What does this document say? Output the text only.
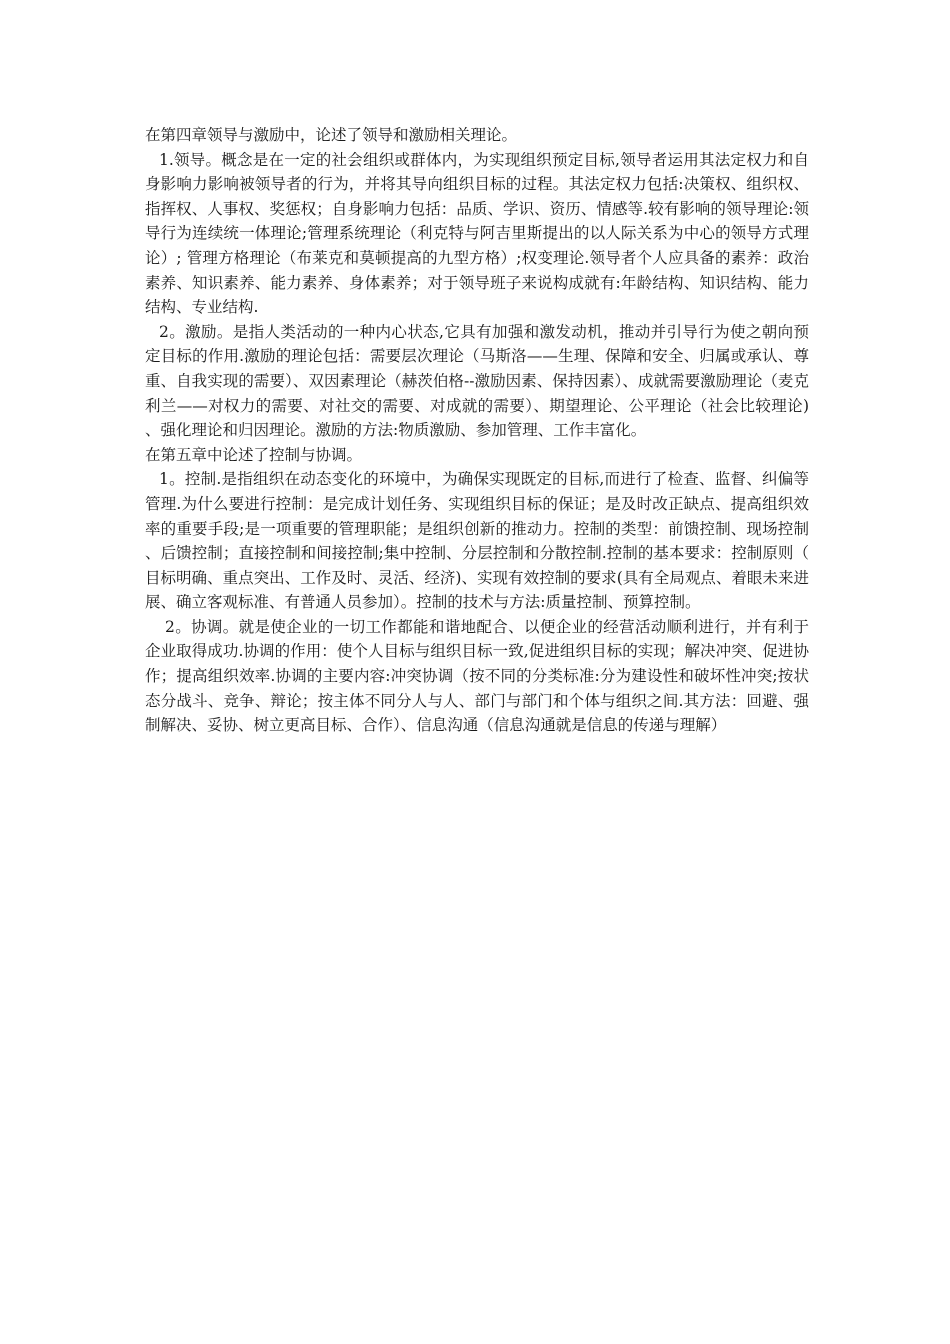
在第四章领导与激励中，论述了领导和激励相关理论。

1.领导。概念是在一定的社会组织或群体内，为实现组织预定目标,领导者运用其法定权力和自身影响力影响被领导者的行为，并将其导向组织目标的过程。其法定权力包括:决策权、组织权、指挥权、人事权、奖惩权；自身影响力包括：品质、学识、资历、情感等.较有影响的领导理论:领导行为连续统一体理论;管理系统理论（利克特与阿吉里斯提出的以人际关系为中心的领导方式理论）; 管理方格理论（布莱克和莫顿提高的九型方格）;权变理论.领导者个人应具备的素养：政治素养、知识素养、能力素养、身体素养；对于领导班子来说构成就有:年龄结构、知识结构、能力结构、专业结构.

2。激励。是指人类活动的一种内心状态,它具有加强和激发动机，推动并引导行为使之朝向预定目标的作用.激励的理论包括：需要层次理论（马斯洛——生理、保障和安全、归属或承认、尊重、自我实现的需要）、双因素理论（赫茨伯格--激励因素、保持因素）、成就需要激励理论（麦克利兰——对权力的需要、对社交的需要、对成就的需要）、期望理论、公平理论（社会比较理论)、强化理论和归因理论。激励的方法:物质激励、参加管理、工作丰富化。

在第五章中论述了控制与协调。

1。控制.是指组织在动态变化的环境中，为确保实现既定的目标,而进行了检查、监督、纠偏等管理.为什么要进行控制：是完成计划任务、实现组织目标的保证；是及时改正缺点、提高组织效率的重要手段;是一项重要的管理职能；是组织创新的推动力。控制的类型：前馈控制、现场控制、后馈控制；直接控制和间接控制;集中控制、分层控制和分散控制.控制的基本要求：控制原则（目标明确、重点突出、工作及时、灵活、经济)、实现有效控制的要求(具有全局观点、着眼未来进展、确立客观标准、有普通人员参加）。控制的技术与方法:质量控制、预算控制。

2。协调。就是使企业的一切工作都能和谐地配合、以便企业的经营活动顺利进行，并有利于企业取得成功.协调的作用：使个人目标与组织目标一致,促进组织目标的实现；解决冲突、促进协作；提高组织效率.协调的主要内容:冲突协调（按不同的分类标准:分为建设性和破坏性冲突;按状态分战斗、竞争、辩论；按主体不同分人与人、部门与部门和个体与组织之间.其方法：回避、强制解决、妥协、树立更高目标、合作）、信息沟通（信息沟通就是信息的传递与理解）
